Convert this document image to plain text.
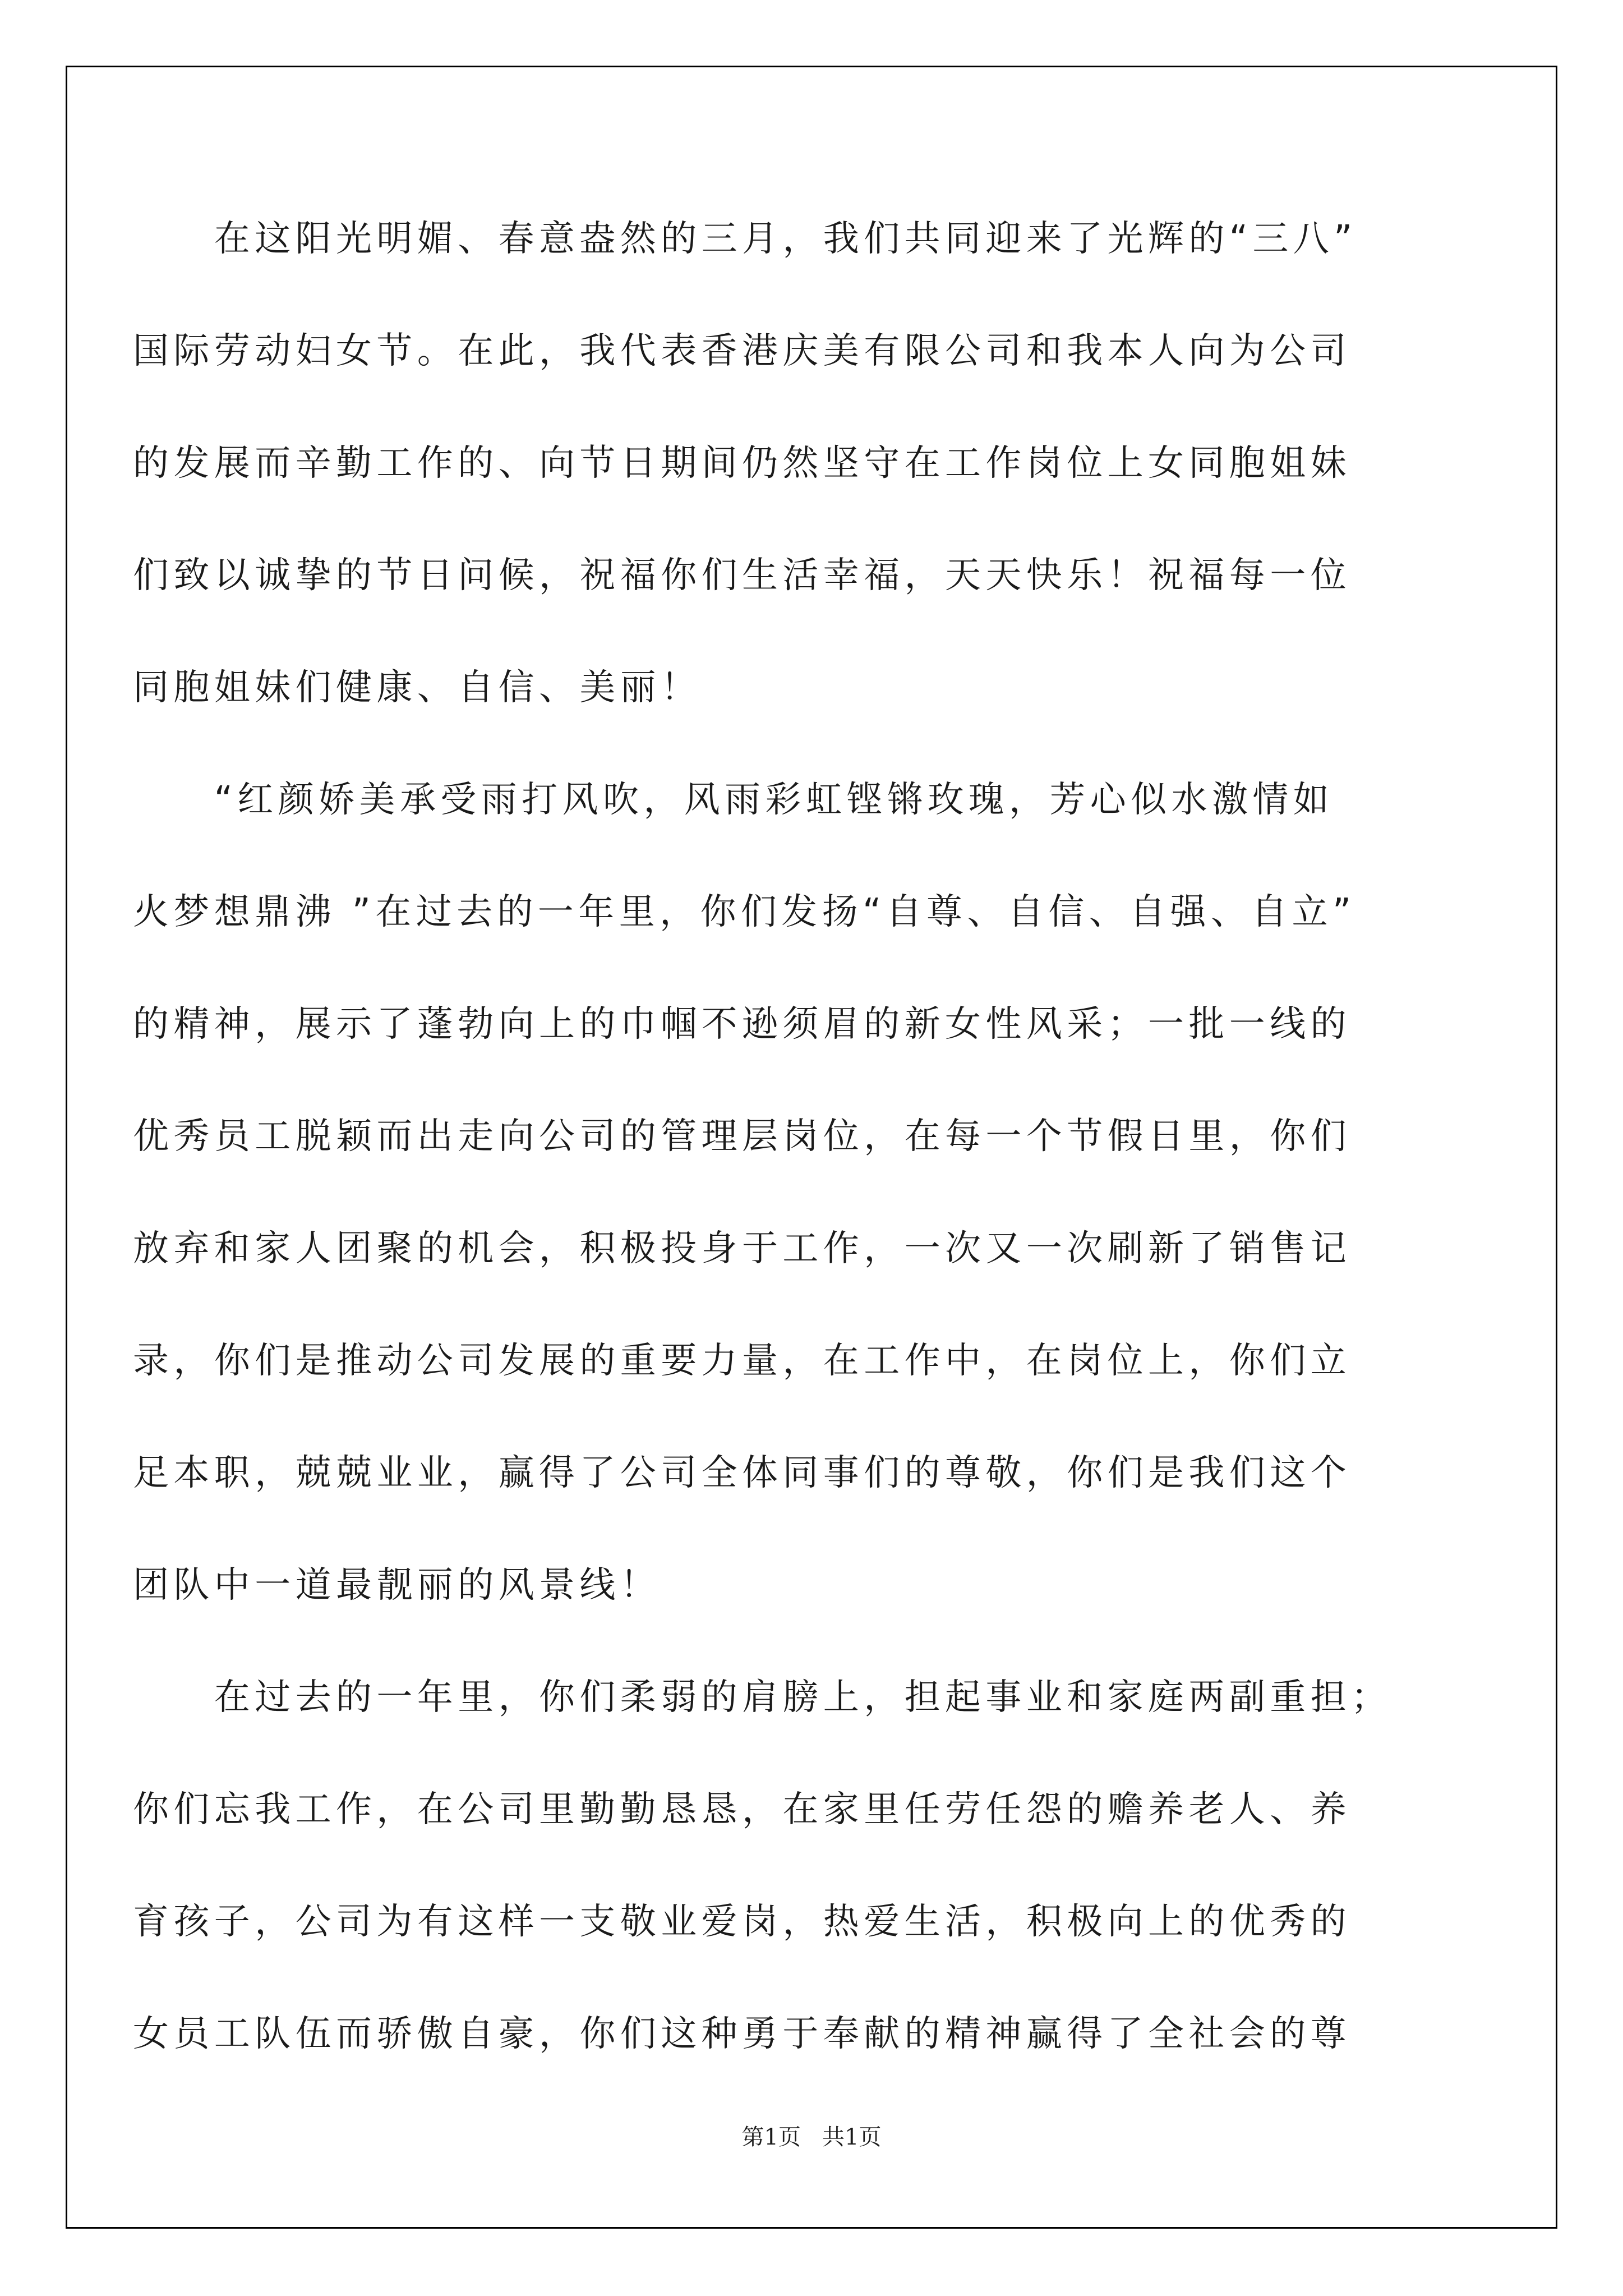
　　在这阳光明媚、春意盎然的三月，我们共同迎来了光辉的“三八”
国际劳动妇女节。在此，我代表香港庆美有限公司和我本人向为公司
的发展而辛勤工作的、向节日期间仍然坚守在工作岗位上女同胞姐妹
们致以诚挚的节日问候，祝福你们生活幸福，天天快乐！祝福每一位
同胞姐妹们健康、自信、美丽！
　　“红颜娇美承受雨打风吹，风雨彩虹铿锵玫瑰，芳心似水激情如
火梦想鼎沸 ”在过去的一年里，你们发扬“自尊、自信、自强、自立”
的精神，展示了蓬勃向上的巾帼不逊须眉的新女性风采；一批一线的
优秀员工脱颖而出走向公司的管理层岗位，在每一个节假日里，你们
放弃和家人团聚的机会，积极投身于工作，一次又一次刷新了销售记
录，你们是推动公司发展的重要力量，在工作中，在岗位上，你们立
足本职，兢兢业业，赢得了公司全体同事们的尊敬，你们是我们这个
团队中一道最靓丽的风景线！
　　在过去的一年里，你们柔弱的肩膀上，担起事业和家庭两副重担；
你们忘我工作，在公司里勤勤恳恳，在家里任劳任怨的赡养老人、养
育孩子，公司为有这样一支敬业爱岗，热爱生活，积极向上的优秀的
女员工队伍而骄傲自豪，你们这种勇于奉献的精神赢得了全社会的尊
第1页 共1页
